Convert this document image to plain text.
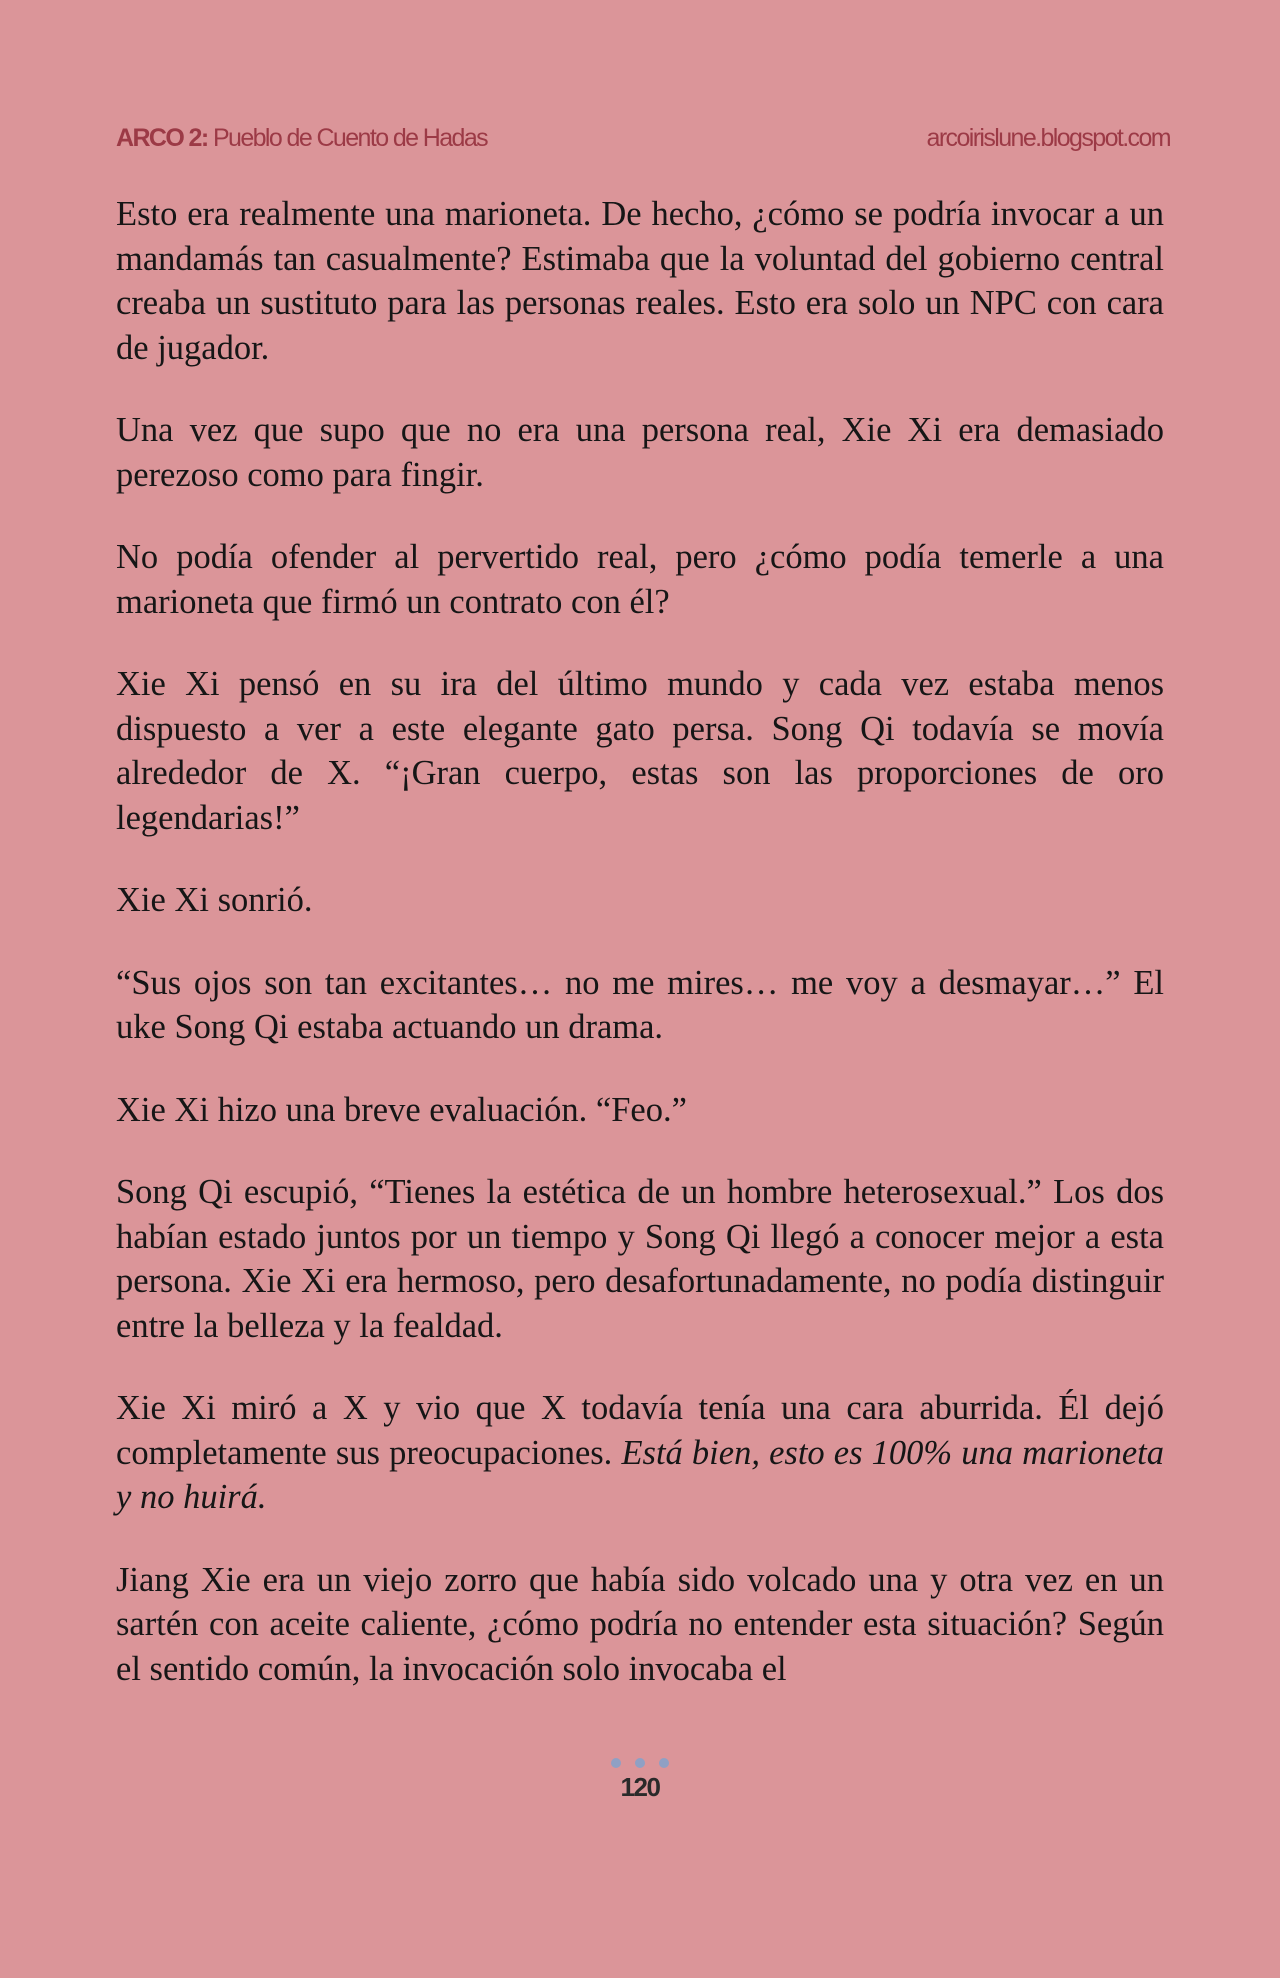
ARCO 2: Pueblo de Cuento de Hadas	arcoirislune.blogspot.com

Esto era realmente una marioneta. De hecho, ¿cómo se podría invocar a un mandamás tan casualmente? Estimaba que la voluntad del gobierno central creaba un sustituto para las personas reales. Esto era solo un NPC con cara de jugador.

Una vez que supo que no era una persona real, Xie Xi era demasiado perezoso como para fingir.

No podía ofender al pervertido real, pero ¿cómo podía temerle a una marioneta que firmó un contrato con él?

Xie Xi pensó en su ira del último mundo y cada vez estaba menos dispuesto a ver a este elegante gato persa. Song Qi todavía se movía alrededor de X. “¡Gran cuerpo, estas son las proporciones de oro legendarias!”

Xie Xi sonrió.

“Sus ojos son tan excitantes… no me mires… me voy a desmayar…” El uke Song Qi estaba actuando un drama.

Xie Xi hizo una breve evaluación. “Feo.”

Song Qi escupió, “Tienes la estética de un hombre heterosexual.” Los dos habían estado juntos por un tiempo y Song Qi llegó a conocer mejor a esta persona. Xie Xi era hermoso, pero desafortunadamente, no podía distinguir entre la belleza y la fealdad.

Xie Xi miró a X y vio que X todavía tenía una cara aburrida. Él dejó completamente sus preocupaciones. Está bien, esto es 100% una marioneta y no huirá.

Jiang Xie era un viejo zorro que había sido volcado una y otra vez en un sartén con aceite caliente, ¿cómo podría no entender esta situación? Según el sentido común, la invocación solo invocaba el

120
